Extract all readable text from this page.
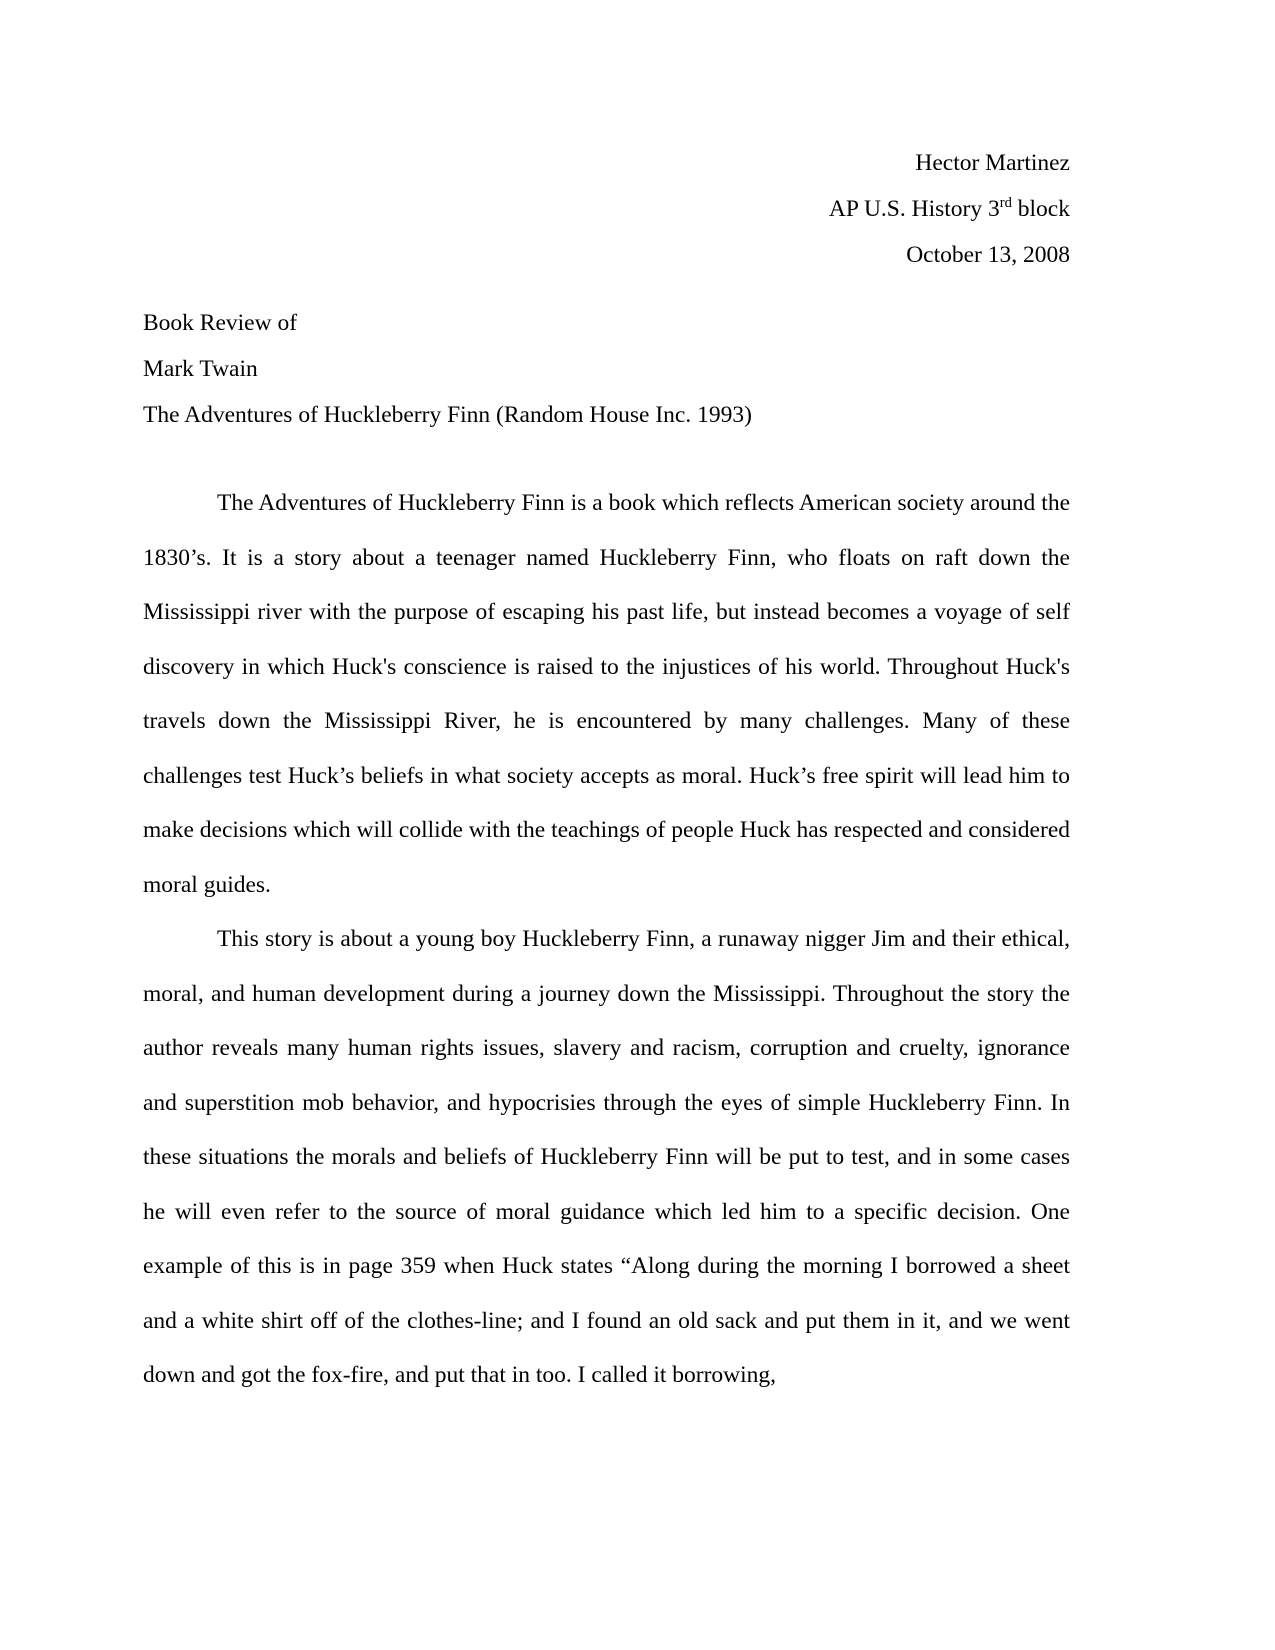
Hector Martinez
AP U.S. History 3rd block
October 13, 2008
Book Review of
Mark Twain
The Adventures of Huckleberry Finn (Random House Inc. 1993)

The Adventures of Huckleberry Finn is a book which reflects American society around the 1830’s. It is a story about a teenager named Huckleberry Finn, who floats on raft down the Mississippi river with the purpose of escaping his past life, but instead becomes a voyage of self discovery in which Huck's conscience is raised to the injustices of his world. Throughout Huck's travels down the Mississippi River, he is encountered by many challenges. Many of these challenges test Huck’s beliefs in what society accepts as moral. Huck’s free spirit will lead him to make decisions which will collide with the teachings of people Huck has respected and considered moral guides.

This story is about a young boy Huckleberry Finn, a runaway nigger Jim and their ethical, moral, and human development during a journey down the Mississippi. Throughout the story the author reveals many human rights issues, slavery and racism, corruption and cruelty, ignorance and superstition mob behavior, and hypocrisies through the eyes of simple Huckleberry Finn. In these situations the morals and beliefs of Huckleberry Finn will be put to test, and in some cases he will even refer to the source of moral guidance which led him to a specific decision. One example of this is in page 359 when Huck states “Along during the morning I borrowed a sheet and a white shirt off of the clothes-line; and I found an old sack and put them in it, and we went down and got the fox-fire, and put that in too. I called it borrowing,
